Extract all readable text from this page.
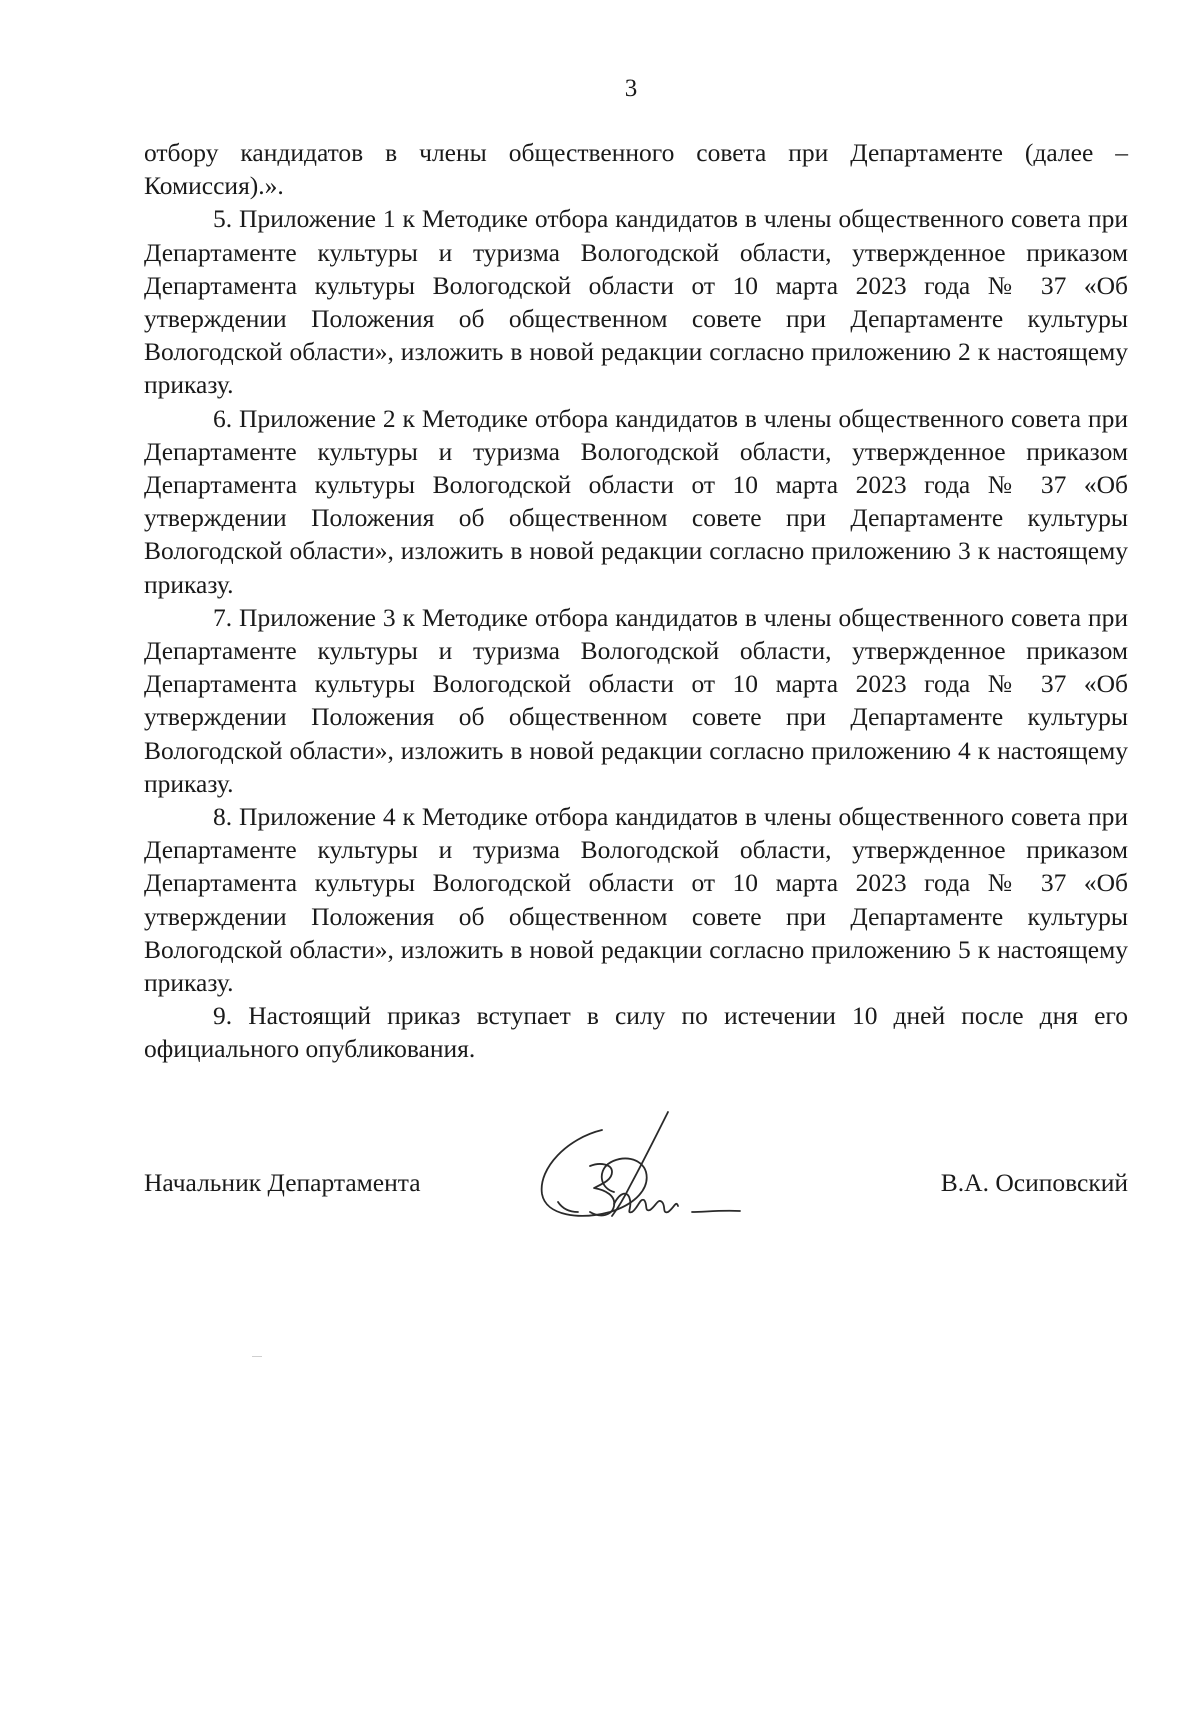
3

отбору кандидатов в члены общественного совета при Департаменте (далее – Комиссия).».

5. Приложение 1 к Методике отбора кандидатов в члены общественного совета при Департаменте культуры и туризма Вологодской области, утвержденное приказом Департамента культуры Вологодской области от 10 марта 2023 года № 37 «Об утверждении Положения об общественном совете при Департаменте культуры Вологодской области», изложить в новой редакции согласно приложению 2 к настоящему приказу.

6. Приложение 2 к Методике отбора кандидатов в члены общественного совета при Департаменте культуры и туризма Вологодской области, утвержденное приказом Департамента культуры Вологодской области от 10 марта 2023 года № 37 «Об утверждении Положения об общественном совете при Департаменте культуры Вологодской области», изложить в новой редакции согласно приложению 3 к настоящему приказу.

7. Приложение 3 к Методике отбора кандидатов в члены общественного совета при Департаменте культуры и туризма Вологодской области, утвержденное приказом Департамента культуры Вологодской области от 10 марта 2023 года № 37 «Об утверждении Положения об общественном совете при Департаменте культуры Вологодской области», изложить в новой редакции согласно приложению 4 к настоящему приказу.

8. Приложение 4 к Методике отбора кандидатов в члены общественного совета при Департаменте культуры и туризма Вологодской области, утвержденное приказом Департамента культуры Вологодской области от 10 марта 2023 года № 37 «Об утверждении Положения об общественном совете при Департаменте культуры Вологодской области», изложить в новой редакции согласно приложению 5 к настоящему приказу.

9. Настоящий приказ вступает в силу по истечении 10 дней после дня его официального опубликования.

Начальник Департамента	В.А. Осиповский
